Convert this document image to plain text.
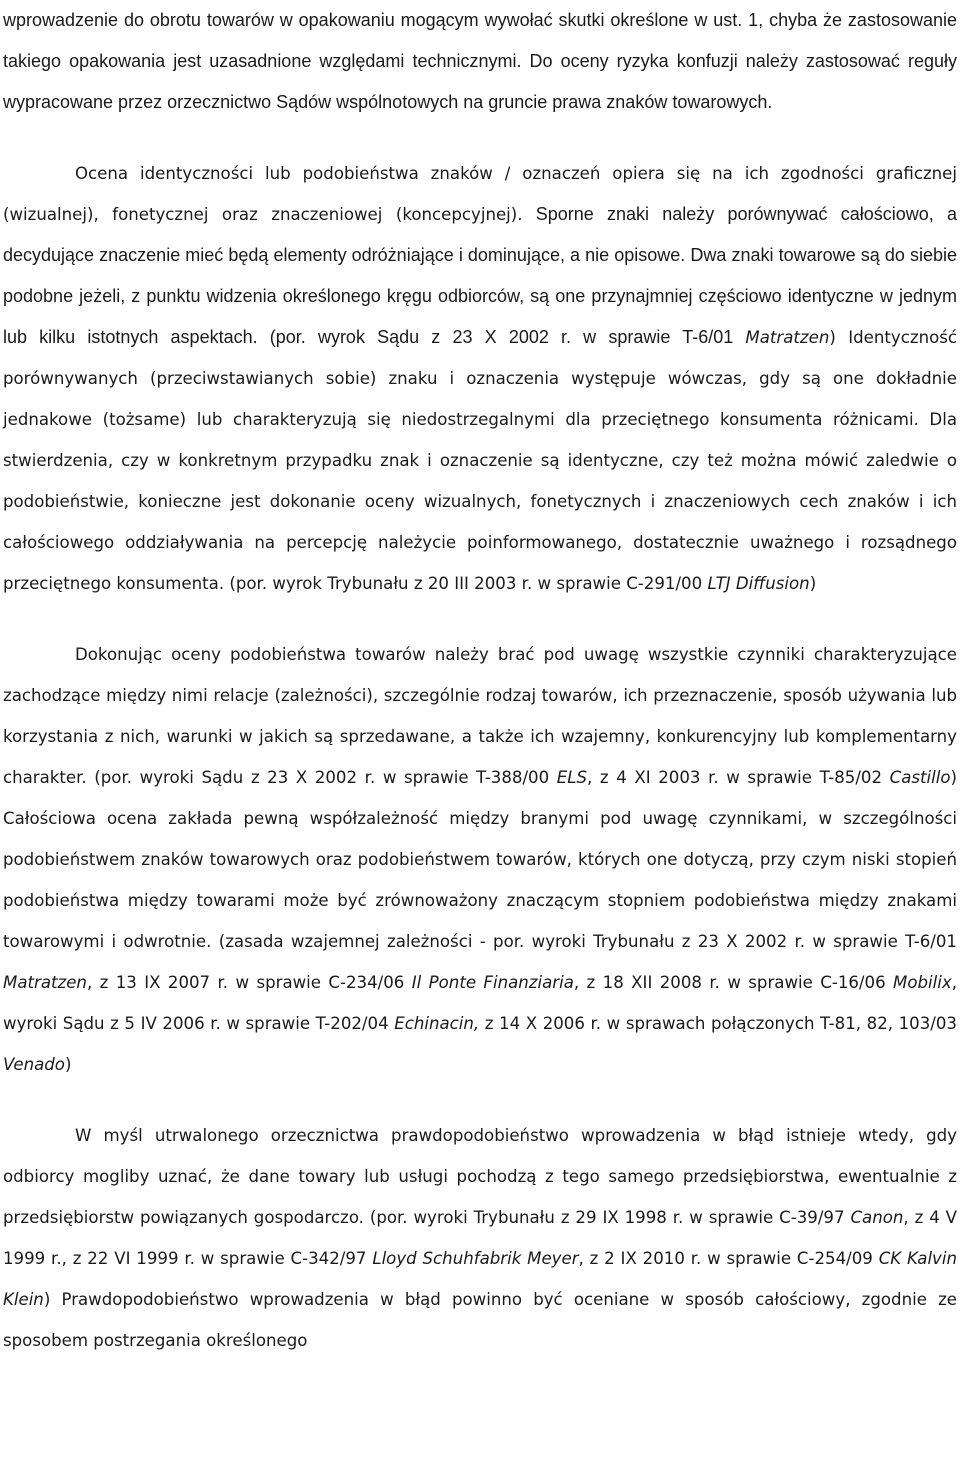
wprowadzenie do obrotu towarów w opakowaniu mogącym wywołać skutki określone w ust. 1, chyba że zastosowanie takiego opakowania jest uzasadnione względami technicznymi. Do oceny ryzyka konfuzji należy zastosować reguły wypracowane przez orzecznictwo Sądów wspólnotowych na gruncie prawa znaków towarowych.

Ocena identyczności lub podobieństwa znaków / oznaczeń opiera się na ich zgodności graficznej (wizualnej), fonetycznej oraz znaczeniowej (koncepcyjnej). Sporne znaki należy porównywać całościowo, a decydujące znaczenie mieć będą elementy odróżniające i dominujące, a nie opisowe. Dwa znaki towarowe są do siebie podobne jeżeli, z punktu widzenia określonego kręgu odbiorców, są one przynajmniej częściowo identyczne w jednym lub kilku istotnych aspektach. (por. wyrok Sądu z 23 X 2002 r. w sprawie T-6/01 Matratzen) Identyczność porównywanych (przeciwstawianych sobie) znaku i oznaczenia występuje wówczas, gdy są one dokładnie jednakowe (tożsame) lub charakteryzują się niedostrzegalnymi dla przeciętnego konsumenta różnicami. Dla stwierdzenia, czy w konkretnym przypadku znak i oznaczenie są identyczne, czy też można mówić zaledwie o podobieństwie, konieczne jest dokonanie oceny wizualnych, fonetycznych i znaczeniowych cech znaków i ich całościowego oddziaływania na percepcję należycie poinformowanego, dostatecznie uważnego i rozsądnego przeciętnego konsumenta. (por. wyrok Trybunału z 20 III 2003 r. w sprawie C-291/00 LTJ Diffusion)

Dokonując oceny podobieństwa towarów należy brać pod uwagę wszystkie czynniki charakteryzujące zachodzące między nimi relacje (zależności), szczególnie rodzaj towarów, ich przeznaczenie, sposób używania lub korzystania z nich, warunki w jakich są sprzedawane, a także ich wzajemny, konkurencyjny lub komplementarny charakter. (por. wyroki Sądu z 23 X 2002 r. w sprawie T-388/00 ELS, z 4 XI 2003 r. w sprawie T-85/02 Castillo) Całościowa ocena zakłada pewną współzależność między branymi pod uwagę czynnikami, w szczególności podobieństwem znaków towarowych oraz podobieństwem towarów, których one dotyczą, przy czym niski stopień podobieństwa między towarami może być zrównoważony znaczącym stopniem podobieństwa między znakami towarowymi i odwrotnie. (zasada wzajemnej zależności - por. wyroki Trybunału z 23 X 2002 r. w sprawie T-6/01 Matratzen, z 13 IX 2007 r. w sprawie C-234/06 Il Ponte Finanziaria, z 18 XII 2008 r. w sprawie C-16/06 Mobilix, wyroki Sądu z 5 IV 2006 r. w sprawie T-202/04 Echinacin, z 14 X 2006 r. w sprawach połączonych T-81, 82, 103/03 Venado)

W myśl utrwalonego orzecznictwa prawdopodobieństwo wprowadzenia w błąd istnieje wtedy, gdy odbiorcy mogliby uznać, że dane towary lub usługi pochodzą z tego samego przedsiębiorstwa, ewentualnie z przedsiębiorstw powiązanych gospodarczo. (por. wyroki Trybunału z 29 IX 1998 r. w sprawie C-39/97 Canon, z 4 V 1999 r., z 22 VI 1999 r. w sprawie C-342/97 Lloyd Schuhfabrik Meyer, z 2 IX 2010 r. w sprawie C-254/09 CK Kalvin Klein) Prawdopodobieństwo wprowadzenia w błąd powinno być oceniane w sposób całościowy, zgodnie ze sposobem postrzegania określonego
